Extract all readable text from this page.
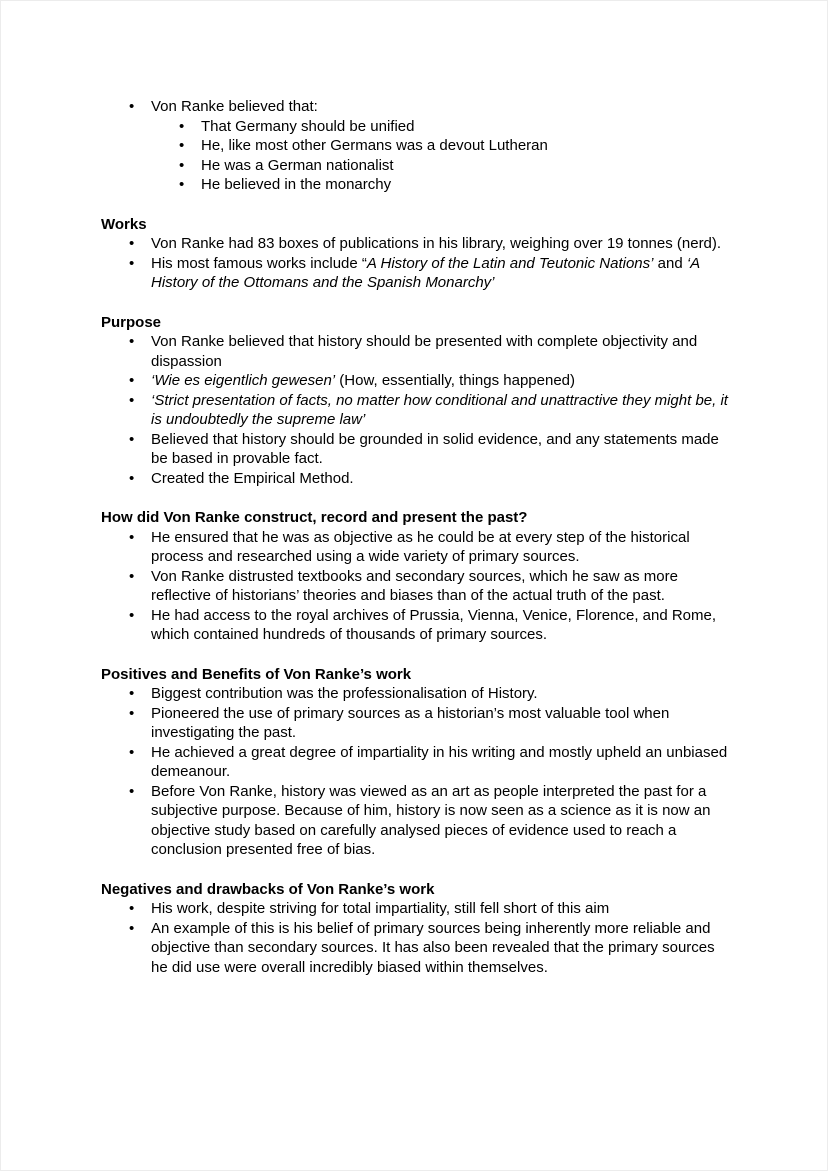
• Von Ranke believed that:
• That Germany should be unified
• He, like most other Germans was a devout Lutheran
• He was a German nationalist
• He believed in the monarchy
Works
• Von Ranke had 83 boxes of publications in his library, weighing over 19 tonnes (nerd).
• His most famous works include “A History of the Latin and Teutonic Nations’ and ‘A History of the Ottomans and the Spanish Monarchy’
Purpose
• Von Ranke believed that history should be presented with complete objectivity and dispassion
• ‘Wie es eigentlich gewesen’ (How, essentially, things happened)
• ‘Strict presentation of facts, no matter how conditional and unattractive they might be, it is undoubtedly the supreme law’
• Believed that history should be grounded in solid evidence, and any statements made be based in provable fact.
• Created the Empirical Method.
How did Von Ranke construct, record and present the past?
• He ensured that he was as objective as he could be at every step of the historical process and researched using a wide variety of primary sources.
• Von Ranke distrusted textbooks and secondary sources, which he saw as more reflective of historians’ theories and biases than of the actual truth of the past.
• He had access to the royal archives of Prussia, Vienna, Venice, Florence, and Rome, which contained hundreds of thousands of primary sources.
Positives and Benefits of Von Ranke’s work
• Biggest contribution was the professionalisation of History.
• Pioneered the use of primary sources as a historian’s most valuable tool when investigating the past.
• He achieved a great degree of impartiality in his writing and mostly upheld an unbiased demeanour.
• Before Von Ranke, history was viewed as an art as people interpreted the past for a subjective purpose. Because of him, history is now seen as a science as it is now an objective study based on carefully analysed pieces of evidence used to reach a conclusion presented free of bias.
Negatives and drawbacks of Von Ranke’s work
• His work, despite striving for total impartiality, still fell short of this aim
• An example of this is his belief of primary sources being inherently more reliable and objective than secondary sources. It has also been revealed that the primary sources he did use were overall incredibly biased within themselves.
